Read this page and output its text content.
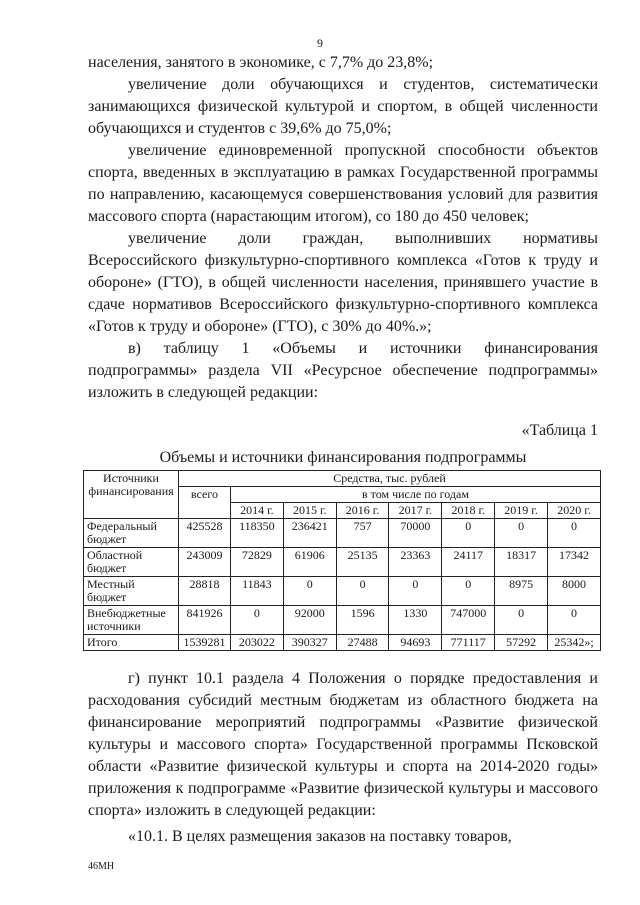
9

населения, занятого в экономике, с 7,7% до 23,8%;

увеличение доли обучающихся и студентов, систематически занимающихся физической культурой и спортом, в общей численности обучающихся и студентов с 39,6% до 75,0%;

увеличение единовременной пропускной способности объектов спорта, введенных в эксплуатацию в рамках Государственной программы по направлению, касающемуся совершенствования условий для развития массового спорта (нарастающим итогом), со 180 до 450 человек;

увеличение доли граждан, выполнивших нормативы Всероссийского физкультурно-спортивного комплекса «Готов к труду и обороне» (ГТО), в общей численности населения, принявшего участие в сдаче нормативов Всероссийского физкультурно-спортивного комплекса «Готов к труду и обороне» (ГТО), с 30% до 40%.»;

в) таблицу 1 «Объемы и источники финансирования подпрограммы» раздела VII «Ресурсное обеспечение подпрограммы» изложить в следующей редакции:

«Таблица 1

Объемы и источники финансирования подпрограммы
Источники финансирования	Средства, тыс. рублей							
	всего	в том числе по годам						
		2014 г.	2015 г.	2016 г.	2017 г.	2018 г.	2019 г.	2020 г.
Федеральный бюджет	425528	118350	236421	757	70000	0	0	0
Областной бюджет	243009	72829	61906	25135	23363	24117	18317	17342
Местный бюджет	28818	11843	0	0	0	0	8975	8000
Внебюджетные источники	841926	0	92000	1596	1330	747000	0	0
Итого	1539281	203022	390327	27488	94693	771117	57292	25342»;

г) пункт 10.1 раздела 4 Положения о порядке предоставления и расходования субсидий местным бюджетам из областного бюджета на финансирование мероприятий подпрограммы «Развитие физической культуры и массового спорта» Государственной программы Псковской области «Развитие физической культуры и спорта на 2014-2020 годы» приложения к подпрограмме «Развитие физической культуры и массового спорта» изложить в следующей редакции:

«10.1. В целях размещения заказов на поставку товаров,

46МН
